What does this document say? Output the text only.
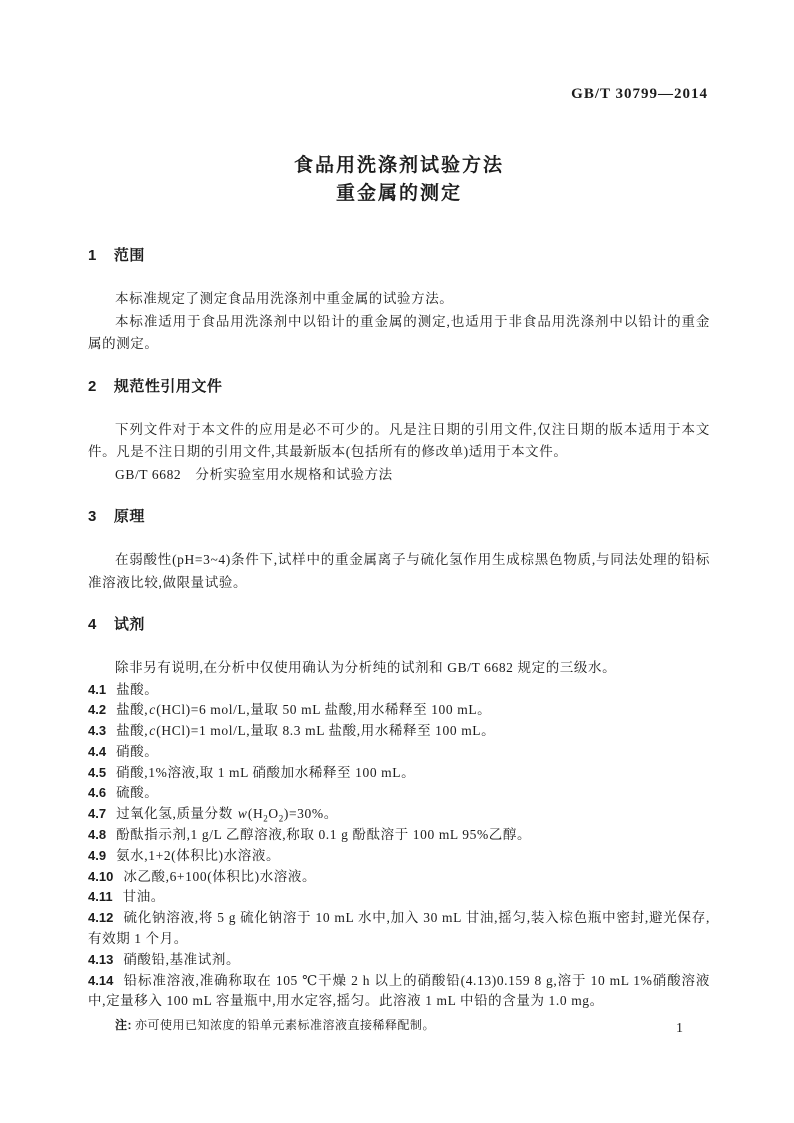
GB/T 30799—2014
食品用洗涤剂试验方法
重金属的测定
1 范围

本标准规定了测定食品用洗涤剂中重金属的试验方法。

本标准适用于食品用洗涤剂中以铅计的重金属的测定,也适用于非食品用洗涤剂中以铅计的重金属的测定。

2 规范性引用文件

下列文件对于本文件的应用是必不可少的。凡是注日期的引用文件,仅注日期的版本适用于本文件。凡是不注日期的引用文件,其最新版本(包括所有的修改单)适用于本文件。

GB/T 6682　分析实验室用水规格和试验方法

3 原理

在弱酸性(pH=3~4)条件下,试样中的重金属离子与硫化氢作用生成棕黑色物质,与同法处理的铅标准溶液比较,做限量试验。

4 试剂

除非另有说明,在分析中仅使用确认为分析纯的试剂和 GB/T 6682 规定的三级水。

4.1 盐酸。

4.2 盐酸,c(HCl)=6 mol/L,量取 50 mL 盐酸,用水稀释至 100 mL。

4.3 盐酸,c(HCl)=1 mol/L,量取 8.3 mL 盐酸,用水稀释至 100 mL。

4.4 硝酸。

4.5 硝酸,1%溶液,取 1 mL 硝酸加水稀释至 100 mL。

4.6 硫酸。

4.7 过氧化氢,质量分数 $w(H_2O_2)=30\%$。

4.8 酚酞指示剂,1 g/L 乙醇溶液,称取 0.1 g 酚酞溶于 100 mL 95%乙醇。

4.9 氨水,1+2(体积比)水溶液。

4.10 冰乙酸,6+100(体积比)水溶液。

4.11 甘油。

4.12 硫化钠溶液,将 5 g 硫化钠溶于 10 mL 水中,加入 30 mL 甘油,摇匀,装入棕色瓶中密封,避光保存,有效期 1 个月。

4.13 硝酸铅,基准试剂。

4.14 铅标准溶液,准确称取在 105 ℃干燥 2 h 以上的硝酸铅(4.13)0.159 8 g,溶于 10 mL 1%硝酸溶液中,定量移入 100 mL 容量瓶中,用水定容,摇匀。此溶液 1 mL 中铅的含量为 1.0 mg。

注: 亦可使用已知浓度的铅单元素标准溶液直接稀释配制。	1
